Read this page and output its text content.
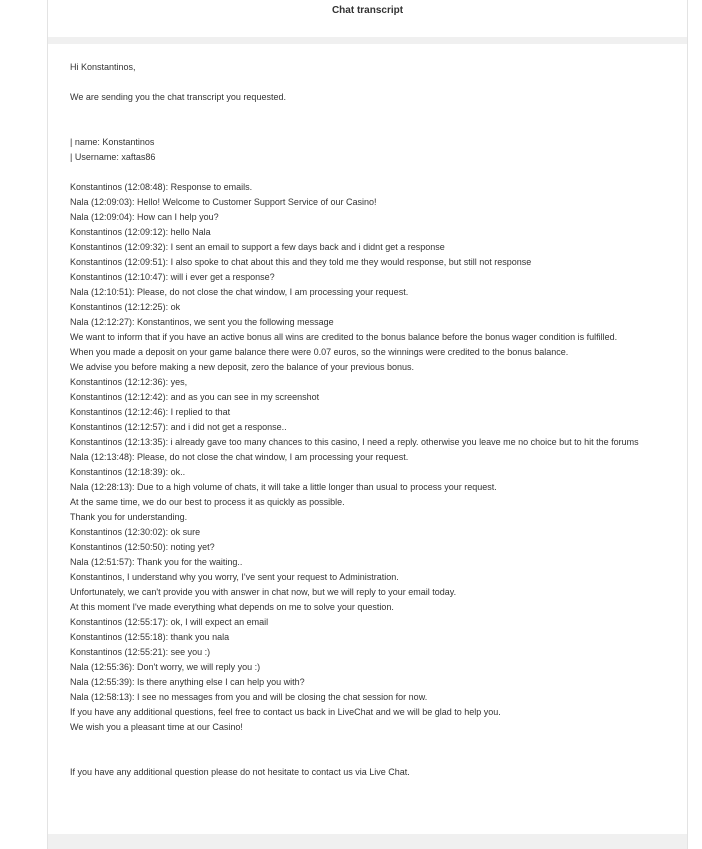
Chat transcript
Hi Konstantinos,
We are sending you the chat transcript you requested.
| name: Konstantinos
| Username: xaftas86
Konstantinos (12:08:48): Response to emails.
Nala (12:09:03): Hello! Welcome to Customer Support Service of our Casino!
Nala (12:09:04): How can I help you?
Konstantinos (12:09:12): hello Nala
Konstantinos (12:09:32): I sent an email to support a few days back and i didnt get a response
Konstantinos (12:09:51): I also spoke to chat about this and they told me they would response, but still not response
Konstantinos (12:10:47): will i ever get a response?
Nala (12:10:51): Please, do not close the chat window, I am processing your request.
Konstantinos (12:12:25): ok
Nala (12:12:27): Konstantinos, we sent you the following message
We want to inform that if you have an active bonus all wins are credited to the bonus balance before the bonus wager condition is fulfilled.
When you made a deposit on your game balance there were 0.07 euros, so the winnings were credited to the bonus balance.
We advise you before making a new deposit, zero the balance of your previous bonus.
Konstantinos (12:12:36): yes,
Konstantinos (12:12:42): and as you can see in my screenshot
Konstantinos (12:12:46): I replied to that
Konstantinos (12:12:57): and i did not get a response..
Konstantinos (12:13:35): i already gave too many chances to this casino, I need a reply. otherwise you leave me no choice but to hit the forums
Nala (12:13:48): Please, do not close the chat window, I am processing your request.
Konstantinos (12:18:39): ok..
Nala (12:28:13): Due to a high volume of chats, it will take a little longer than usual to process your request.
At the same time, we do our best to process it as quickly as possible.
Thank you for understanding.
Konstantinos (12:30:02): ok sure
Konstantinos (12:50:50): noting yet?
Nala (12:51:57): Thank you for the waiting..
Konstantinos, I understand why you worry, I've sent your request to Administration.
Unfortunately, we can't provide you with answer in chat now, but we will reply to your email today.
At this moment I've made everything what depends on me to solve your question.
Konstantinos (12:55:17): ok, I will expect an email
Konstantinos (12:55:18): thank you nala
Konstantinos (12:55:21): see you :)
Nala (12:55:36): Don't worry, we will reply you :)
Nala (12:55:39): Is there anything else I can help you with?
Nala (12:58:13): I see no messages from you and will be closing the chat session for now.
If you have any additional questions, feel free to contact us back in LiveChat and we will be glad to help you.
We wish you a pleasant time at our Casino!
If you have any additional question please do not hesitate to contact us via Live Chat.
